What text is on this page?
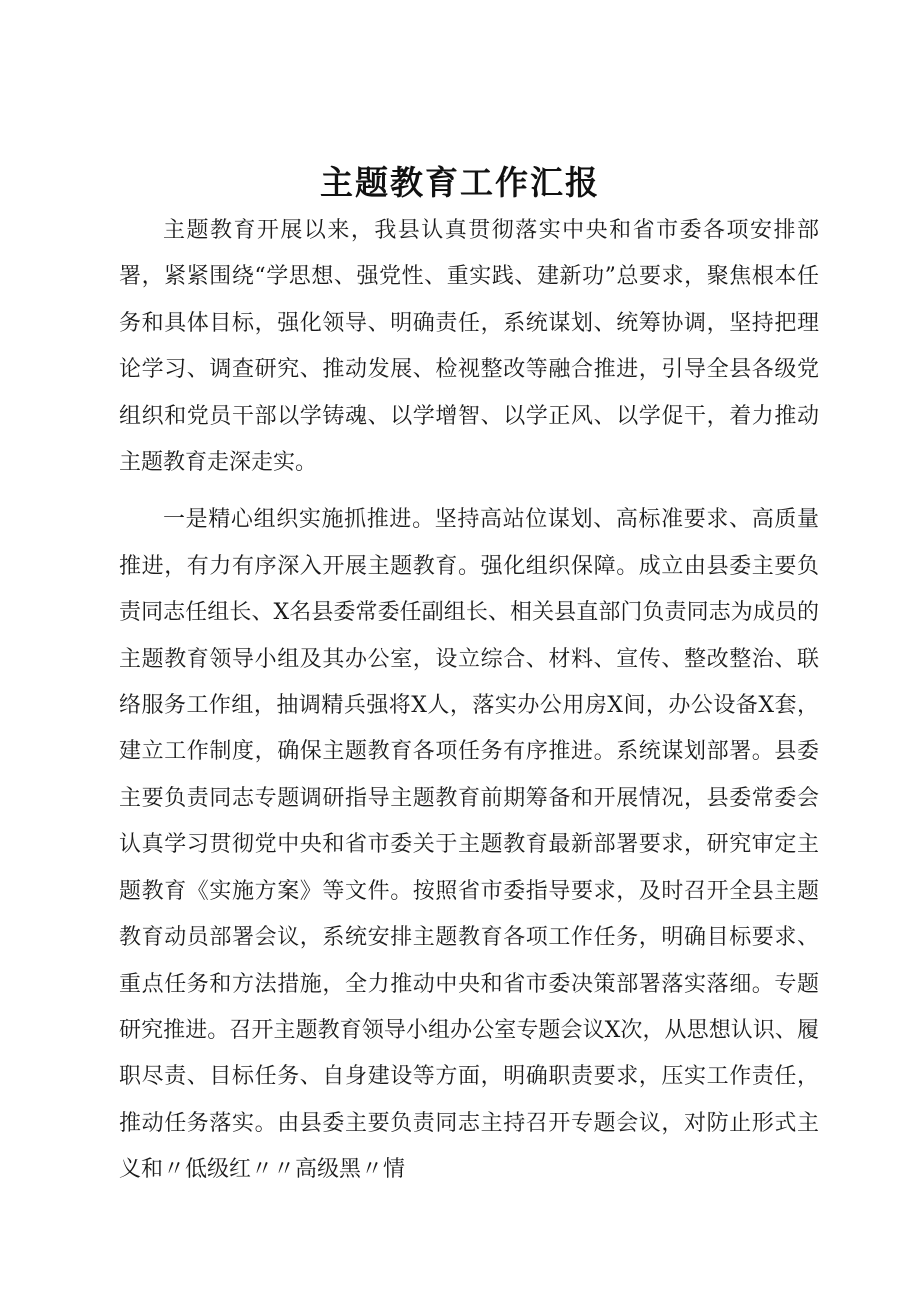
主题教育工作汇报

主题教育开展以来，我县认真贯彻落实中央和省市委各项安排部署，紧紧围绕“学思想、强党性、重实践、建新功”总要求，聚焦根本任务和具体目标，强化领导、明确责任，系统谋划、统筹协调，坚持把理论学习、调查研究、推动发展、检视整改等融合推进，引导全县各级党组织和党员干部以学铸魂、以学增智、以学正风、以学促干，着力推动主题教育走深走实。

一是精心组织实施抓推进。坚持高站位谋划、高标准要求、高质量推进，有力有序深入开展主题教育。强化组织保障。成立由县委主要负责同志任组长、X名县委常委任副组长、相关县直部门负责同志为成员的主题教育领导小组及其办公室，设立综合、材料、宣传、整改整治、联络服务工作组，抽调精兵强将X人，落实办公用房X间，办公设备X套，建立工作制度，确保主题教育各项任务有序推进。系统谋划部署。县委主要负责同志专题调研指导主题教育前期筹备和开展情况，县委常委会认真学习贯彻党中央和省市委关于主题教育最新部署要求，研究审定主题教育《实施方案》等文件。按照省市委指导要求，及时召开全县主题教育动员部署会议，系统安排主题教育各项工作任务，明确目标要求、重点任务和方法措施，全力推动中央和省市委决策部署落实落细。专题研究推进。召开主题教育领导小组办公室专题会议X次，从思想认识、履职尽责、目标任务、自身建设等方面，明确职责要求，压实工作责任，推动任务落实。由县委主要负责同志主持召开专题会议，对防止形式主义和〃低级红〃〃高级黑〃情
